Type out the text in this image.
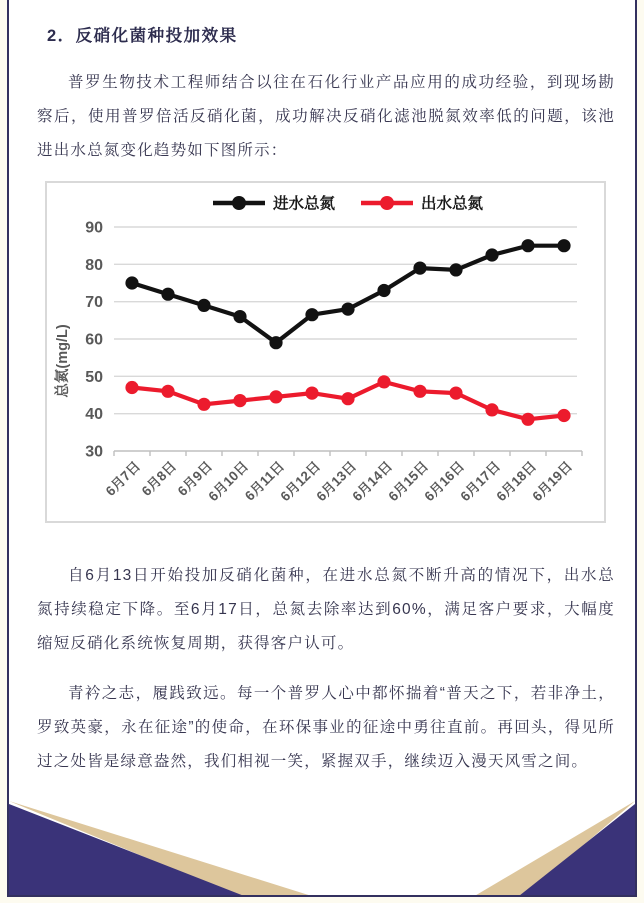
2．反硝化菌种投加效果

普罗生物技术工程师结合以往在石化行业产品应用的成功经验，到现场勘察后，使用普罗倍活反硝化菌，成功解决反硝化滤池脱氮效率低的问题，该池进出水总氮变化趋势如下图所示：

90
80
70
60
50
40
30
6月7日
6月8日
6月9日
6月10日
6月11日
6月12日
6月13日
6月14日
6月15日
6月16日
6月17日
6月18日
6月19日
总氮(mg/L)
进水总氮	出水总氮

自6月13日开始投加反硝化菌种，在进水总氮不断升高的情况下，出水总氮持续稳定下降。至6月17日，总氮去除率达到60%，满足客户要求，大幅度缩短反硝化系统恢复周期，获得客户认可。

青衿之志，履践致远。每一个普罗人心中都怀揣着“普天之下，若非净土，罗致英豪，永在征途”的使命，在环保事业的征途中勇往直前。再回头，得见所过之处皆是绿意盎然，我们相视一笑，紧握双手，继续迈入漫天风雪之间。
